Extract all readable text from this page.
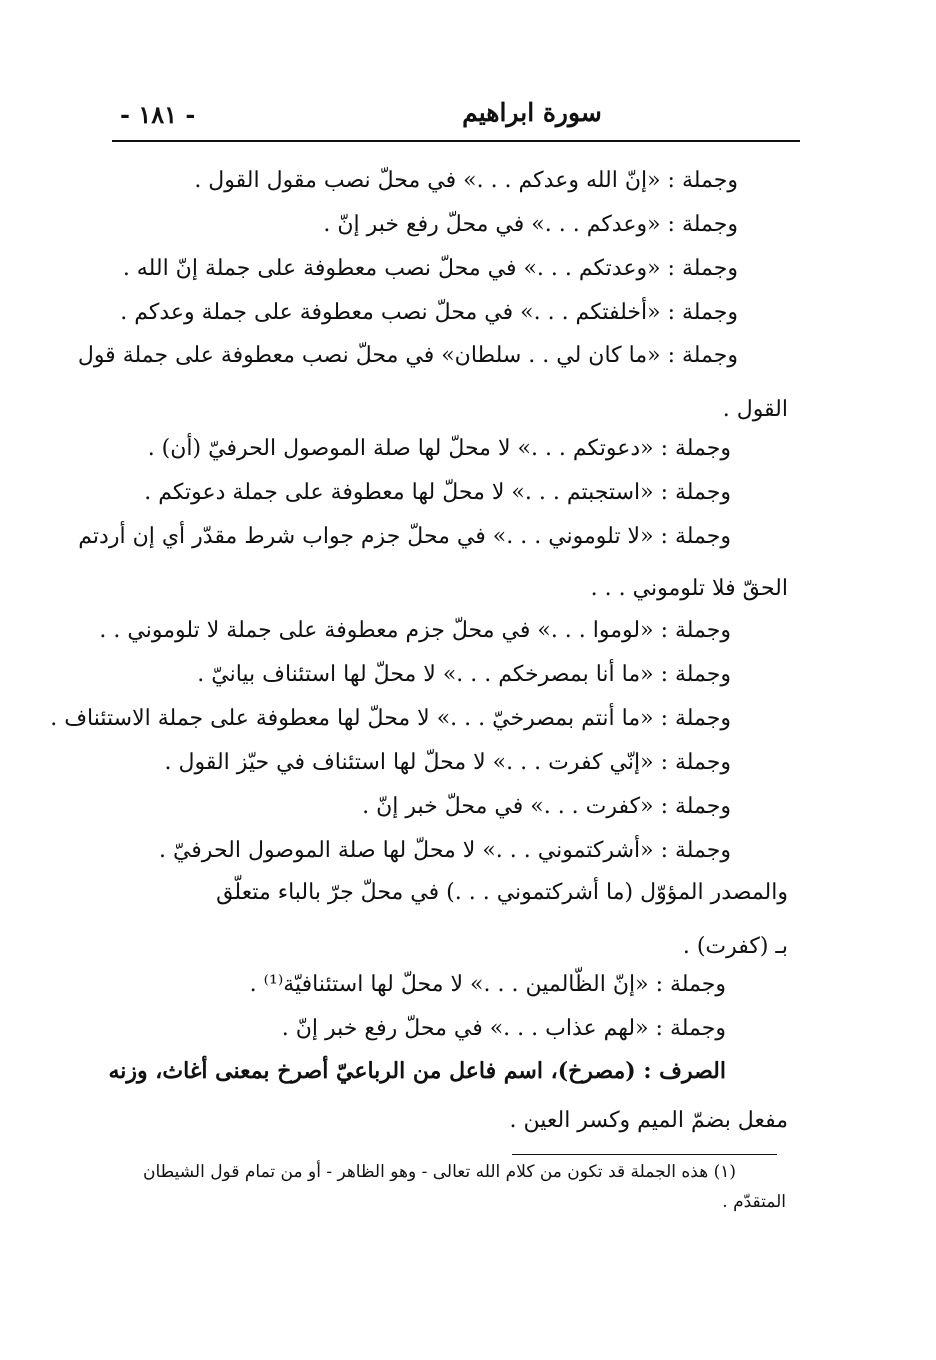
- ١٨١ -	سورة ابراهيم
وجملة : «إنّ الله وعدكم . . .» في محلّ نصب مقول القول .
وجملة : «وعدكم . . .» في محلّ رفع خبر إنّ .
وجملة : «وعدتكم . . .» في محلّ نصب معطوفة على جملة إنّ الله .
وجملة : «أخلفتكم . . .» في محلّ نصب معطوفة على جملة وعدكم .
وجملة : «ما كان لي . . سلطان» في محلّ نصب معطوفة على جملة قول
القول .
وجملة : «دعوتكم . . .» لا محلّ لها صلة الموصول الحرفيّ (أن) .
وجملة : «استجبتم . . .» لا محلّ لها معطوفة على جملة دعوتكم .
وجملة : «لا تلوموني . . .» في محلّ جزم جواب شرط مقدّر أي إن أردتم
الحقّ فلا تلوموني . . .
وجملة : «لوموا . . .» في محلّ جزم معطوفة على جملة لا تلوموني . .
وجملة : «ما أنا بمصرخكم . . .» لا محلّ لها استئناف بيانيّ .
وجملة : «ما أنتم بمصرخيّ . . .» لا محلّ لها معطوفة على جملة الاستئناف .
وجملة : «إنّي كفرت . . .» لا محلّ لها استئناف في حيّز القول .
وجملة : «كفرت . . .» في محلّ خبر إنّ .
وجملة : «أشركتموني . . .» لا محلّ لها صلة الموصول الحرفيّ .
والمصدر المؤوّل (ما أشركتموني . . .) في محلّ جرّ بالباء متعلّق
بـ (كفرت) .
وجملة : «إنّ الظّالمين . . .» لا محلّ لها استئنافيّة⁽¹⁾ .
وجملة : «لهم عذاب . . .» في محلّ رفع خبر إنّ .
الصرف : (مصرخ)، اسم فاعل من الرباعيّ أصرخ بمعنى أغاث، وزنه
مفعل بضمّ الميم وكسر العين .
(١) هذه الجملة قد تكون من كلام الله تعالى - وهو الظاهر - أو من تمام قول الشيطان
المتقدّم .
